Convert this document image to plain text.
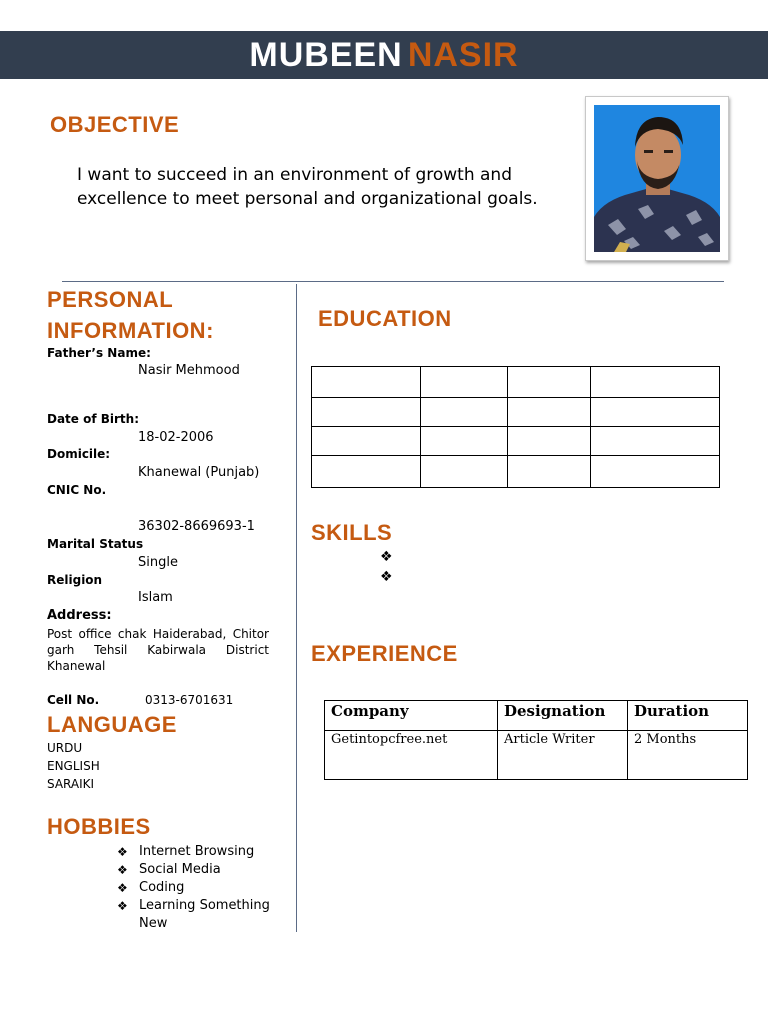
MUBEEN NASIR
OBJECTIVE
I want to succeed in an environment of growth and excellence to meet personal and organizational goals.
PERSONAL
INFORMATION:
Father’s Name:
Nasir Mehmood
Date of Birth:
18-02-2006
Domicile:
Khanewal (Punjab)
CNIC No.
36302-8669693-1
Marital Status
Single
Religion
Islam
Address:
Post office chak Haiderabad, Chitor garh Tehsil Kabirwala District Khanewal
Cell No.	0313-6701631
LANGUAGE
URDU
ENGLISH
SARAIKI
HOBBIES
❖ Internet Browsing
❖ Social Media
❖ Coding
❖ Learning Something New
EDUCATION

SKILLS
❖
❖
EXPERIENCE
Company	Designation	Duration
Getintopcfree.net	Article Writer	2 Months
